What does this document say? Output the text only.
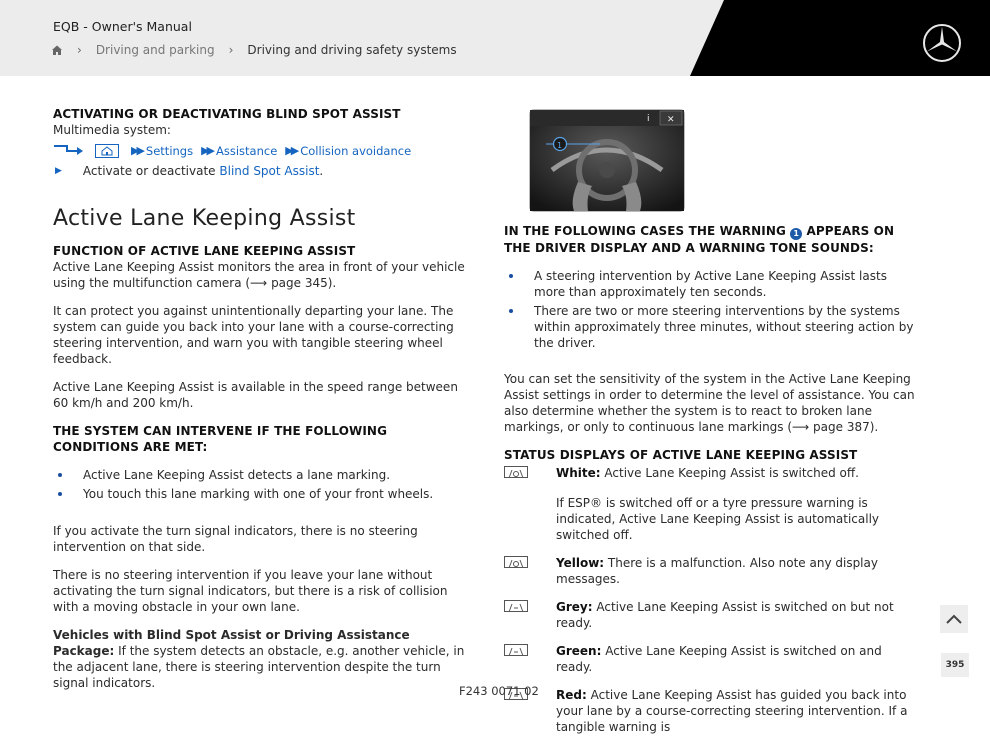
EQB - Owner's Manual
› Driving and parking › Driving and driving safety systems
ACTIVATING OR DEACTIVATING BLIND SPOT ASSIST

Multimedia system:

▶▶ Settings ▶▶ Assistance ▶▶ Collision avoidance
▶ Activate or deactivate
Blind Spot Assist .
Active Lane Keeping Assist
FUNCTION OF ACTIVE LANE KEEPING ASSIST

Active Lane Keeping Assist monitors the area in front of your vehicle using the multifunction camera (⟶ page 345).

It can protect you against unintentionally departing your lane. The system can guide you back into your lane with a course-correcting steering intervention, and warn you with tangible steering wheel feedback.

Active Lane Keeping Assist is available in the speed range between 60 km/h and 200 km/h.

THE SYSTEM CAN INTERVENE IF THE FOLLOWING CONDITIONS ARE MET:
Active Lane Keeping Assist detects a lane marking.
You touch this lane marking with one of your front wheels.

If you activate the turn signal indicators, there is no steering intervention on that side.

There is no steering intervention if you leave your lane without activating the turn signal indicators, but there is a risk of collision with a moving obstacle in your own lane.

Vehicles with Blind Spot Assist or Driving Assistance Package: If the system detects an obstacle, e.g. another vehicle, in the adjacent lane, there is steering intervention despite the turn signal indicators.

i ✕
1
IN THE FOLLOWING CASES THE WARNING 1 APPEARS ON THE DRIVER DISPLAY AND A WARNING TONE SOUNDS:
A steering intervention by Active Lane Keeping Assist lasts more than approximately ten seconds.
There are two or more steering interventions by the systems within approximately three minutes, without steering action by the driver.

You can set the sensitivity of the system in the Active Lane Keeping Assist settings in order to determine the level of assistance. You can also determine whether the system is to react to broken lane markings, or only to continuous lane markings (⟶ page 387).

STATUS DISPLAYS OF ACTIVE LANE KEEPING ASSIST
White: Active Lane Keeping Assist is switched off.
If ESP® is switched off or a tyre pressure warning is indicated, Active Lane Keeping Assist is automatically switched off.
Yellow: There is a malfunction. Also note any display messages.
Grey: Active Lane Keeping Assist is switched on but not ready.
Green: Active Lane Keeping Assist is switched on and ready.
Red: Active Lane Keeping Assist has guided you back into your lane by a course-correcting steering intervention. If a tangible warning is
395
F243 0071 02
